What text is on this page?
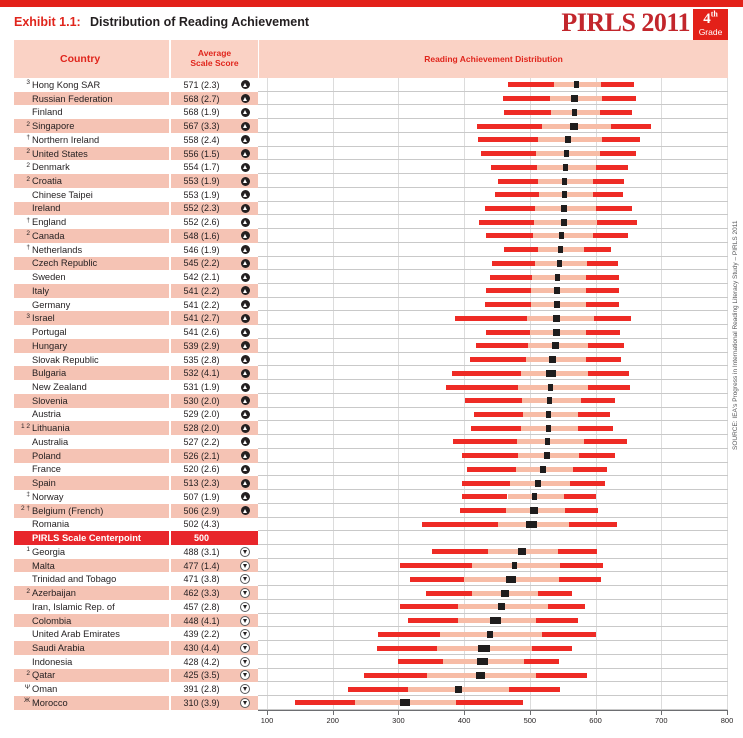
Exhibit 1.1: Distribution of Reading Achievement	PIRLS 2011 4th
Grade
SOURCE: IEA's Progress in International Reading Literacy Study – PIRLS 2011
Country	Average
Scale Score	Reading Achievement Distribution
3 Hong Kong SAR	571 (2.3)
Russian Federation	568 (2.7)
Finland	568 (1.9)
2 Singapore	567 (3.3)
† Northern Ireland	558 (2.4)
2 United States	556 (1.5)
2 Denmark	554 (1.7)
2 Croatia	553 (1.9)
Chinese Taipei	553 (1.9)
Ireland	552 (2.3)
† England	552 (2.6)
2 Canada	548 (1.6)
† Netherlands	546 (1.9)
Czech Republic	545 (2.2)
Sweden	542 (2.1)
Italy	541 (2.2)
Germany	541 (2.2)
3 Israel	541 (2.7)
Portugal	541 (2.6)
Hungary	539 (2.9)
Slovak Republic	535 (2.8)
Bulgaria	532 (4.1)
New Zealand	531 (1.9)
Slovenia	530 (2.0)
Austria	529 (2.0)
1 2 Lithuania	528 (2.0)
Australia	527 (2.2)
Poland	526 (2.1)
France	520 (2.6)
Spain	513 (2.3)
‡ Norway	507 (1.9)
2 † Belgium (French)	506 (2.9)
Romania	502 (4.3)
PIRLS Scale Centerpoint	500
1 Georgia	488 (3.1)
Malta	477 (1.4)
Trinidad and Tobago	471 (3.8)
2 Azerbaijan	462 (3.3)
Iran, Islamic Rep. of	457 (2.8)
Colombia	448 (4.1)
United Arab Emirates	439 (2.2)
Saudi Arabia	430 (4.4)
Indonesia	428 (4.2)
2 Qatar	425 (3.5)
Ψ Oman	391 (2.8)
Ж Morocco	310 (3.9)
100	200	300	400	500	600	700	800
